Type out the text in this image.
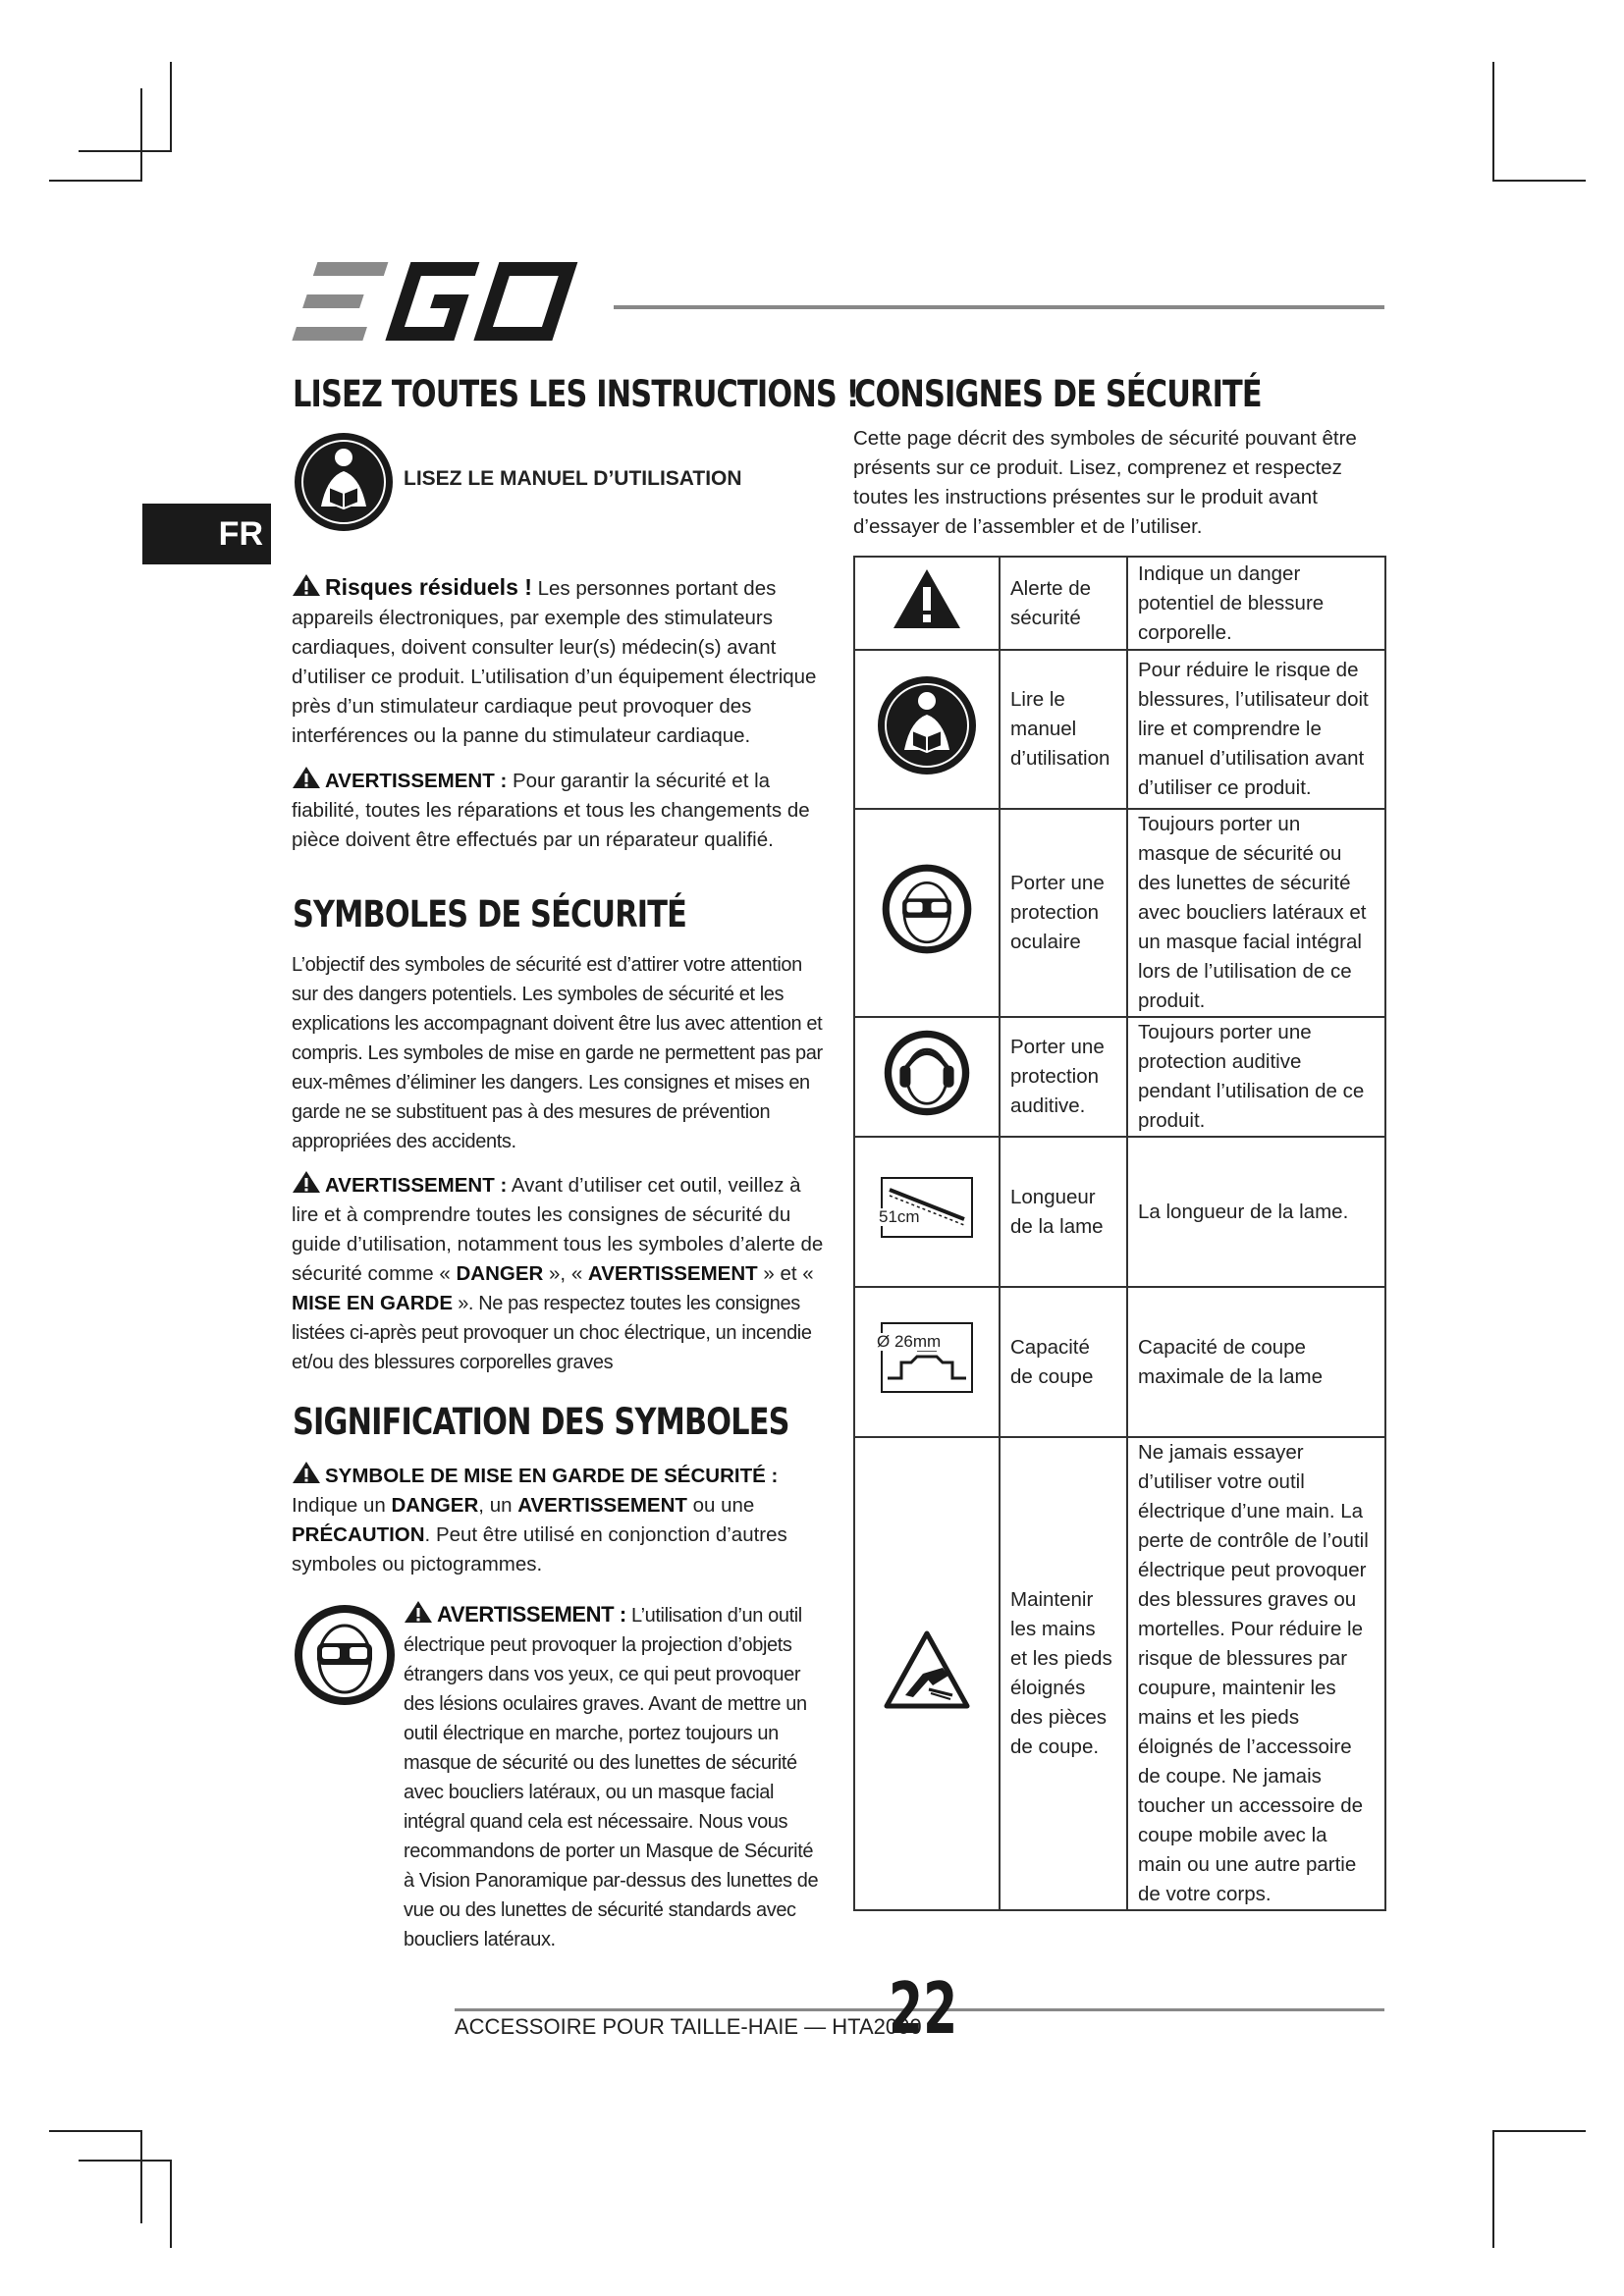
FR
LISEZ TOUTES LES INSTRUCTIONS !
LISEZ LE MANUEL D’UTILISATION
Risques résiduels ! Les personnes portant des appareils électroniques, par exemple des stimulateurs cardiaques, doivent consulter leur(s) médecin(s) avant d’utiliser ce produit. L’utilisation d’un équipement électrique près d’un stimulateur cardiaque peut provoquer des interférences ou la panne du stimulateur cardiaque.
AVERTISSEMENT : Pour garantir la sécurité et la fiabilité, toutes les réparations et tous les changements de pièce doivent être effectués par un réparateur qualifié.
SYMBOLES DE SÉCURITÉ
L’objectif des symboles de sécurité est d’attirer votre attention sur des dangers potentiels. Les symboles de sécurité et les explications les accompagnant doivent être lus avec attention et compris. Les symboles de mise en garde ne permettent pas par eux-mêmes d’éliminer les dangers. Les consignes et mises en garde ne se substituent pas à des mesures de prévention appropriées des accidents.
AVERTISSEMENT : Avant d’utiliser cet outil, veillez à lire et à comprendre toutes les consignes de sécurité du guide d’utilisation, notamment tous les symboles d’alerte de sécurité comme « DANGER », « AVERTISSEMENT » et « MISE EN GARDE ». Ne pas respectez toutes les consignes listées ci-après peut provoquer un choc électrique, un incendie et/ou des blessures corporelles graves
SIGNIFICATION DES SYMBOLES
SYMBOLE DE MISE EN GARDE DE SÉCURITÉ :
Indique un DANGER, un AVERTISSEMENT ou une PRÉCAUTION. Peut être utilisé en conjonction d’autres symboles ou pictogrammes.
AVERTISSEMENT : L’utilisation d’un outil électrique peut provoquer la projection d’objets étrangers dans vos yeux, ce qui peut provoquer des lésions oculaires graves. Avant de mettre un outil électrique en marche, portez toujours un masque de sécurité ou des lunettes de sécurité avec boucliers latéraux, ou un masque facial intégral quand cela est nécessaire. Nous vous recommandons de porter un Masque de Sécurité à Vision Panoramique par-dessus des lunettes de vue ou des lunettes de sécurité standards avec boucliers latéraux.
CONSIGNES DE SÉCURITÉ
Cette page décrit des symboles de sécurité pouvant être présents sur ce produit. Lisez, comprenez et respectez toutes les instructions présentes sur le produit avant d’essayer de l’assembler et de l’utiliser.
	Alerte de sécurité	Indique un danger potentiel de blessure corporelle.
	Lire le manuel d’utilisation	Pour réduire le risque de blessures, l’utilisateur doit lire et comprendre le manuel d’utilisation avant d’utiliser ce produit.
	Porter une protection oculaire	Toujours porter un masque de sécurité ou des lunettes de sécurité avec boucliers latéraux et un masque facial intégral lors de l’utilisation de ce produit.
	Porter une protection auditive.	Toujours porter une protection auditive pendant l’utilisation de ce produit.

51cm	Longueur de la lame	La longueur de la lame.

Ø 26mm	Capacité de coupe	Capacité de coupe maximale de la lame
	Maintenir les mains et les pieds éloignés des pièces de coupe.	Ne jamais essayer d’utiliser votre outil électrique d’une main. La perte de contrôle de l’outil électrique peut provoquer des blessures graves ou mortelles. Pour réduire le risque de blessures par coupure, maintenir les mains et les pieds éloignés de l’accessoire de coupe. Ne jamais toucher un accessoire de coupe mobile avec la main ou une autre partie de votre corps.
ACCESSOIRE POUR TAILLE-HAIE — HTA2000
22
